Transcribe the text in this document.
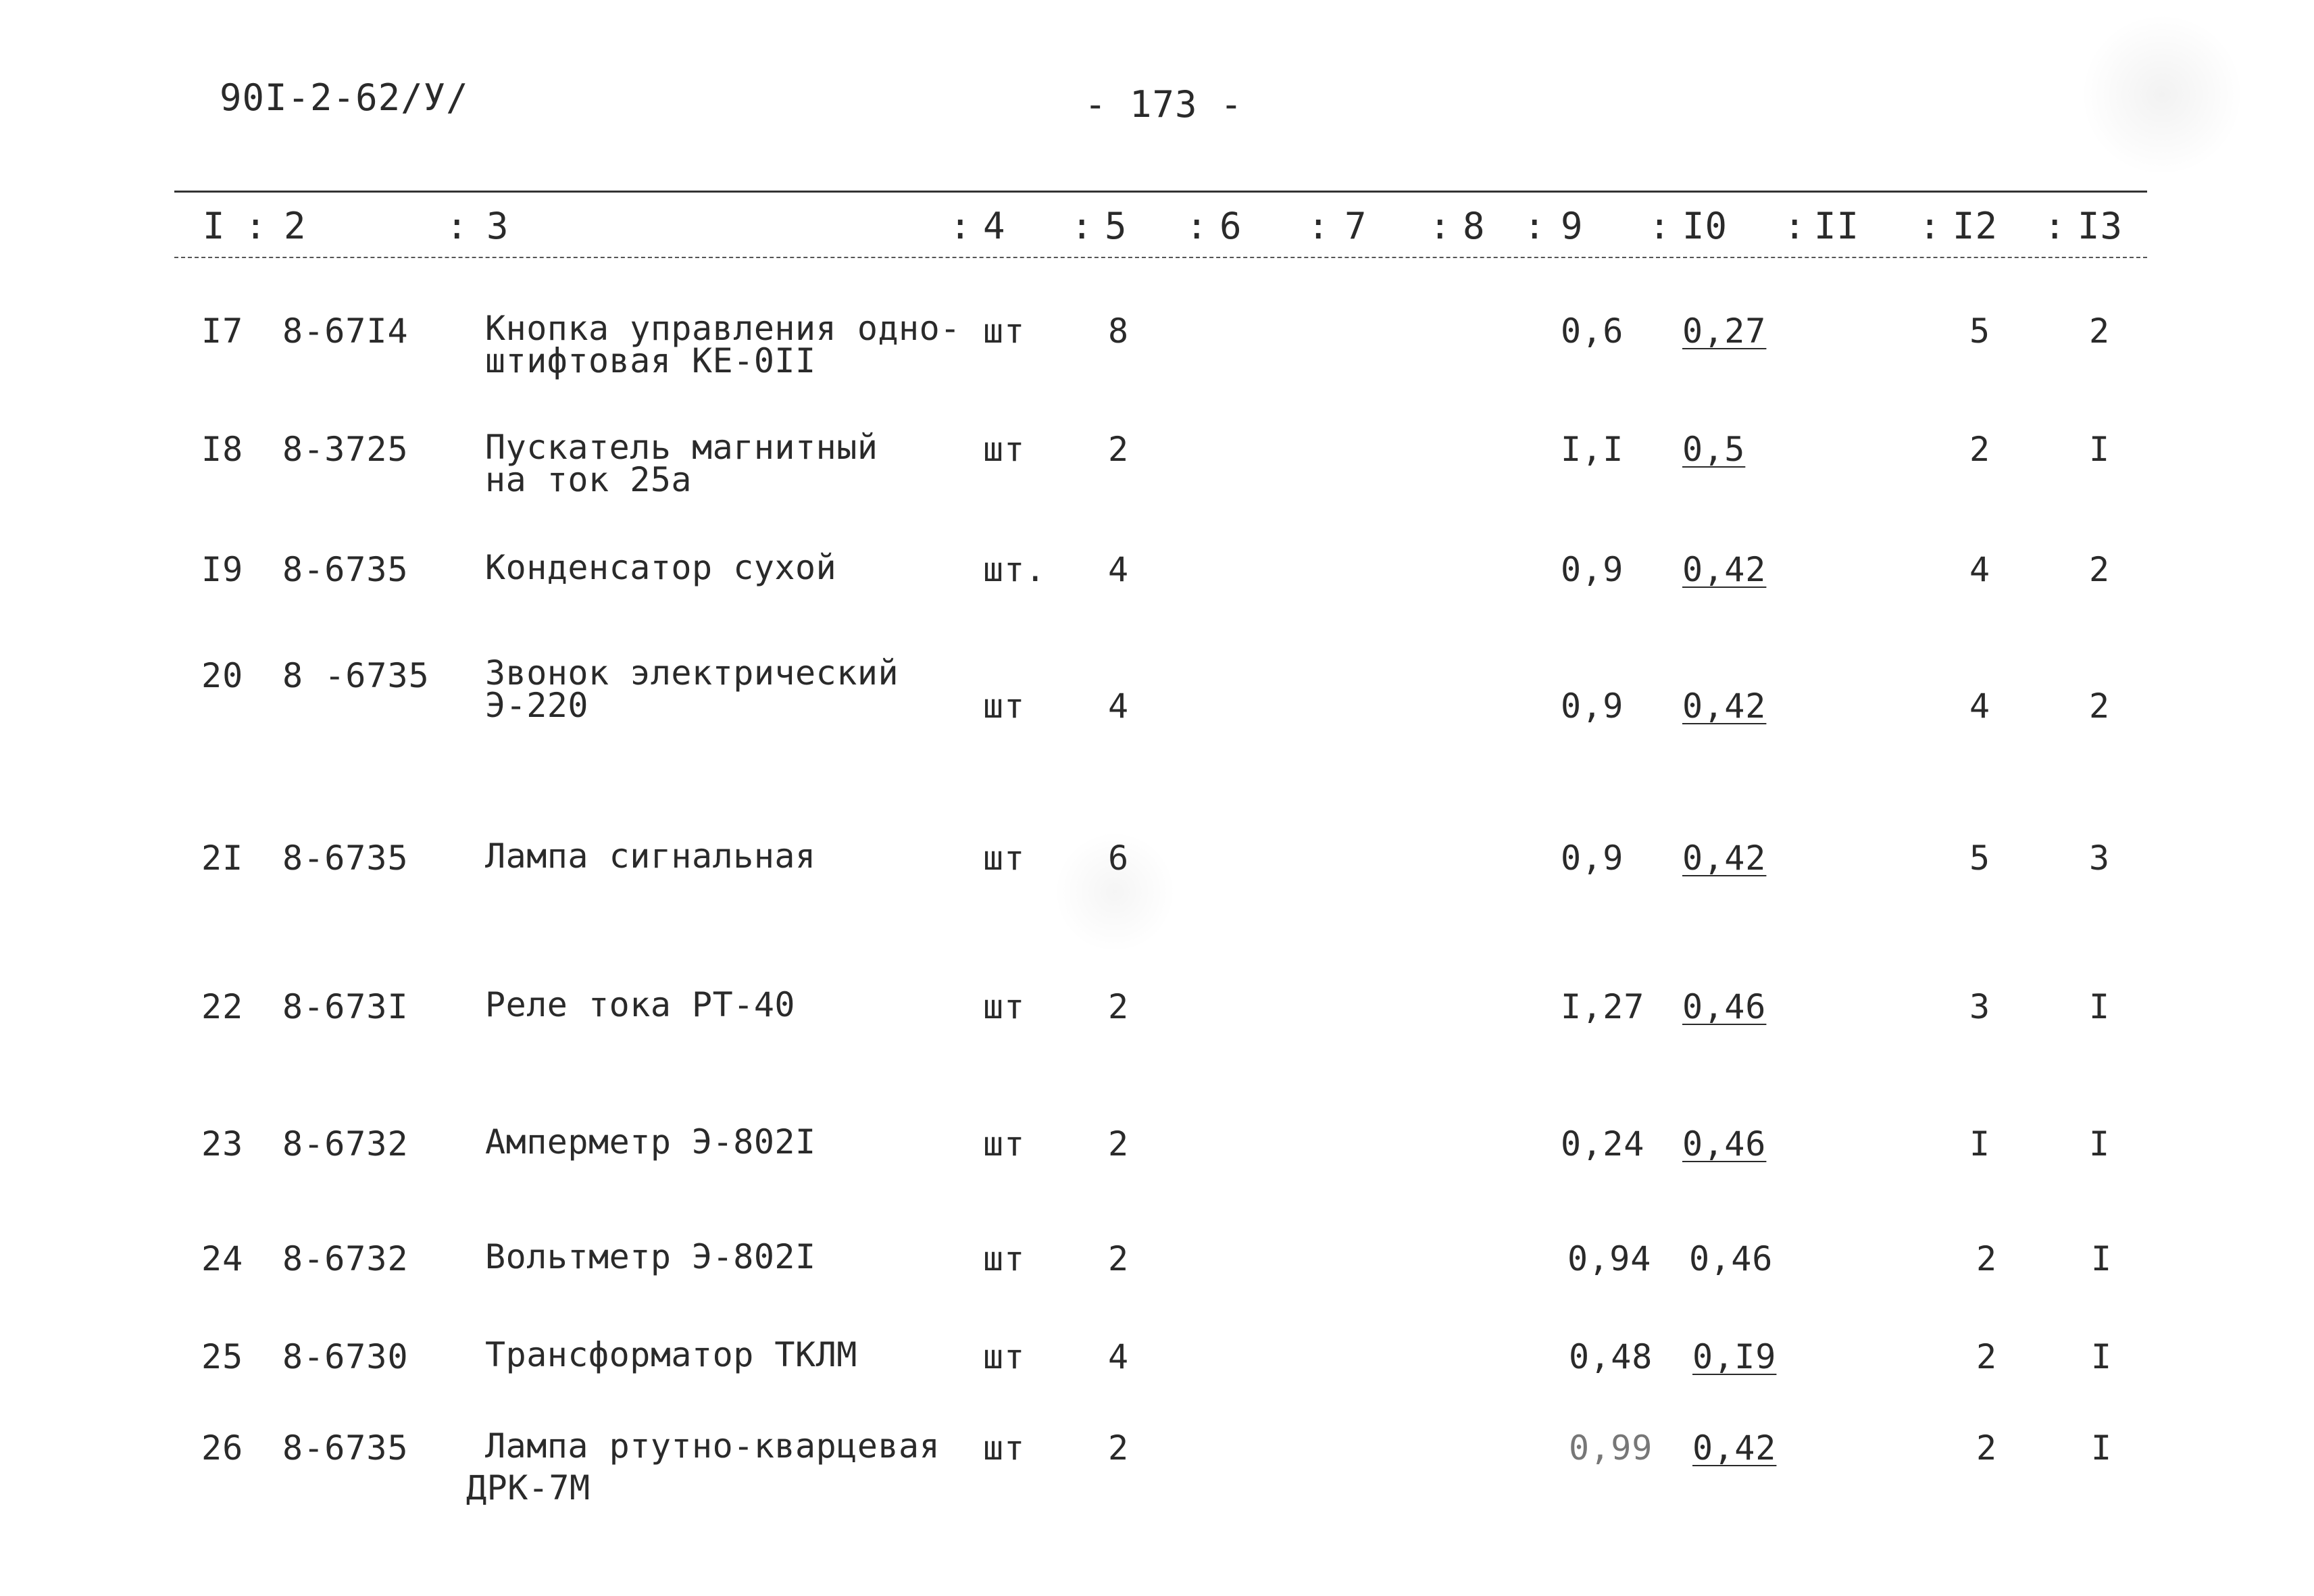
90I-2-62/У/	- 173 -
I 2	3	4	5	6	7	8 9	I0 II	I2 I3
:	:	:	:	:	:	: :	:	:	:	:
I7 8-67I4 Кнопка управления одно-
штифтовая КЕ-0II
шт 8	0,6 0,27	5	2
I8 8-3725 Пускатель магнитный
на ток 25а
шт 2	I,I 0,5	2	I
I9 8-6735 Конденсатор сухой	шт. 4	0,9 0,42	4	2
20 8 -6735 Звонок электрический
Э-220	шт 4	0,9 0,42	4	2
2I 8-6735 Лампа сигнальная	шт 6	0,9 0,42	5	3
22 8-673I Реле тока РТ-40	шт 2	I,27 0,46	3	I
23 8-6732 Амперметр Э-802I	шт 2	0,24 0,46	I	I
24 8-6732 Вольтметр Э-802I	шт 2	0,94 0,46	2	I
25 8-6730 Трансформатор ТКЛМ	шт 4	0,48 0,I9	2	I
26 8-6735 Лампа ртутно-кварцевая
ДРК-7М
шт 2	0,99 0,42	2	I
